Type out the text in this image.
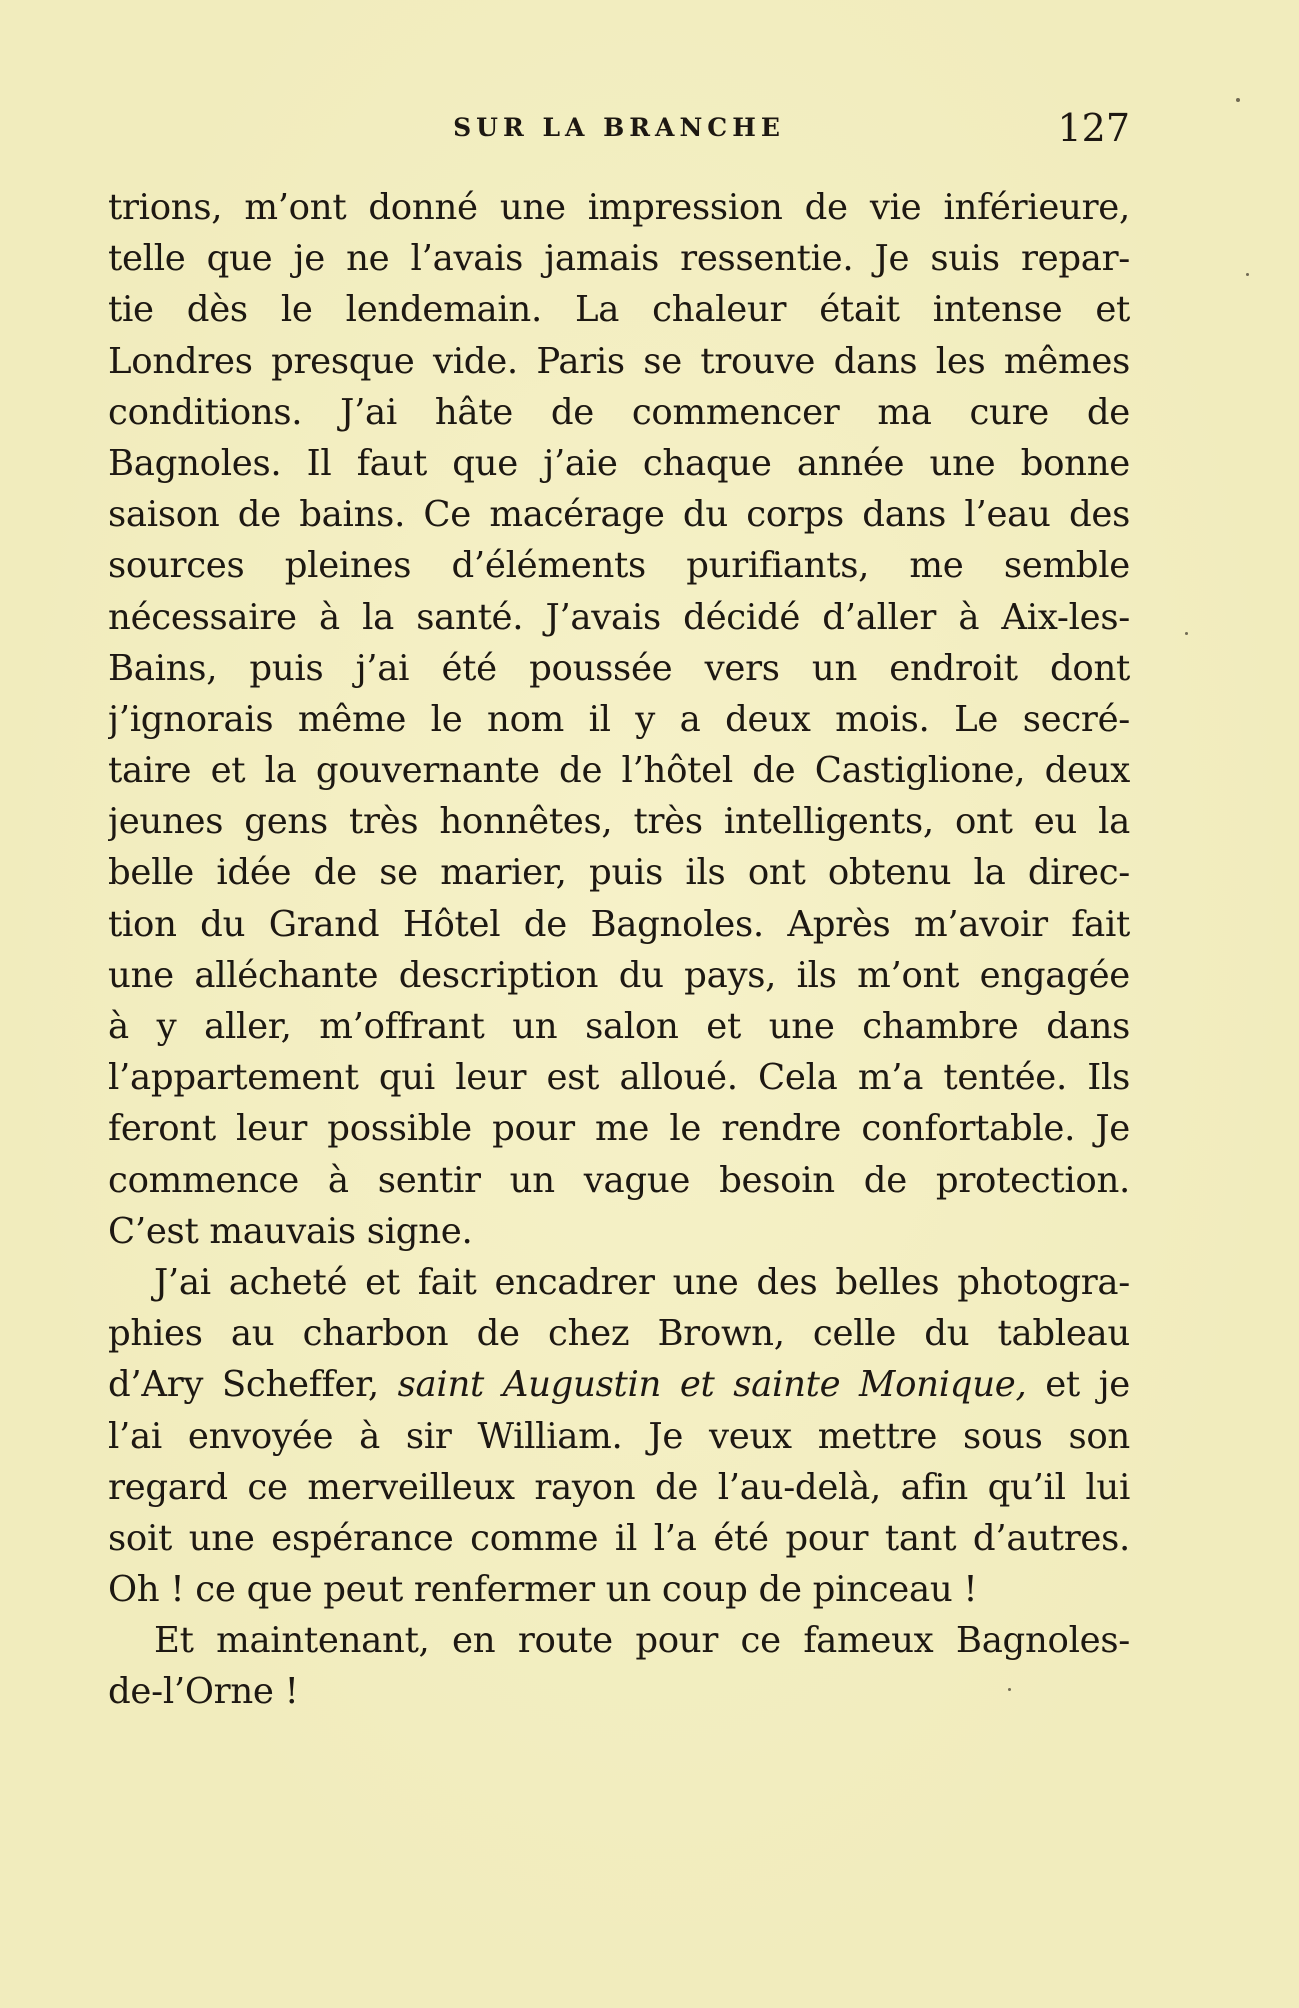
SUR LA BRANCHE	127
trions, m’ont donné une impression de vie inférieure,
telle que je ne l’avais jamais ressentie. Je suis repar-
tie dès le lendemain. La chaleur était intense et
Londres presque vide. Paris se trouve dans les mêmes
conditions. J’ai hâte de commencer ma cure de
Bagnoles. Il faut que j’aie chaque année une bonne
saison de bains. Ce macérage du corps dans l’eau des
sources pleines d’éléments purifiants, me semble
nécessaire à la santé. J’avais décidé d’aller à Aix-les-
Bains, puis j’ai été poussée vers un endroit dont
j’ignorais même le nom il y a deux mois. Le secré-
taire et la gouvernante de l’hôtel de Castiglione, deux
jeunes gens très honnêtes, très intelligents, ont eu la
belle idée de se marier, puis ils ont obtenu la direc-
tion du Grand Hôtel de Bagnoles. Après m’avoir fait
une alléchante description du pays, ils m’ont engagée
à y aller, m’offrant un salon et une chambre dans
l’appartement qui leur est alloué. Cela m’a tentée. Ils
feront leur possible pour me le rendre confortable. Je
commence à sentir un vague besoin de protection.
C’est mauvais signe.
J’ai acheté et fait encadrer une des belles photogra-
phies au charbon de chez Brown, celle du tableau
d’Ary Scheffer, saint Augustin et sainte Monique, et je
l’ai envoyée à sir William. Je veux mettre sous son
regard ce merveilleux rayon de l’au-delà, afin qu’il lui
soit une espérance comme il l’a été pour tant d’autres.
Oh ! ce que peut renfermer un coup de pinceau !
Et maintenant, en route pour ce fameux Bagnoles-
de-l’Orne !
